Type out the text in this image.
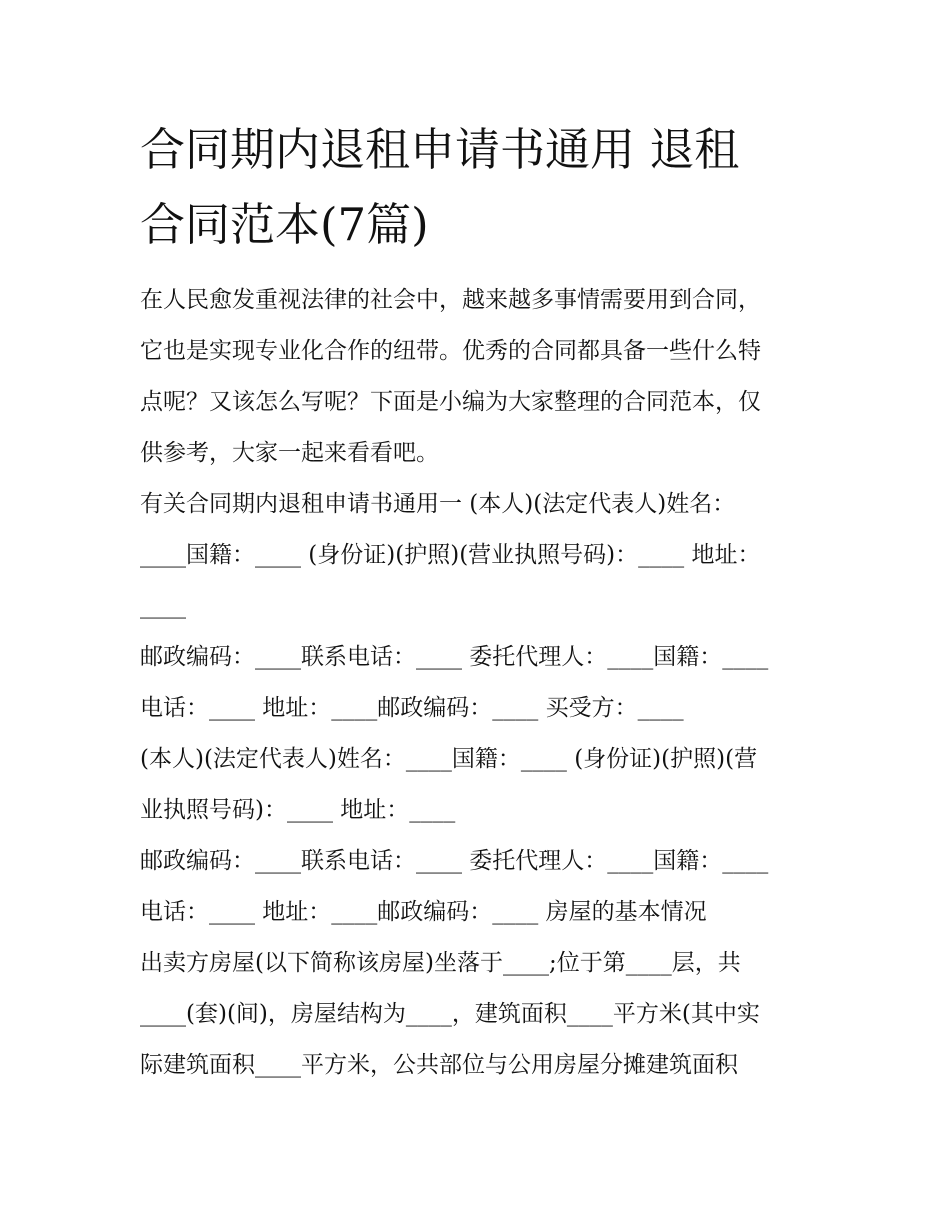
合同期内退租申请书通用 退租
合同范本(7篇)
在人民愈发重视法律的社会中，越来越多事情需要用到合同，
它也是实现专业化合作的纽带。优秀的合同都具备一些什么特
点呢？又该怎么写呢？下面是小编为大家整理的合同范本，仅
供参考，大家一起来看看吧。
有关合同期内退租申请书通用一 (本人)(法定代表人)姓名：
____国籍：____ (身份证)(护照)(营业执照号码)：____ 地址：
____
邮政编码：____联系电话：____ 委托代理人：____国籍：____
电话：____ 地址：____邮政编码：____ 买受方：____
(本人)(法定代表人)姓名：____国籍：____ (身份证)(护照)(营
业执照号码)：____ 地址：____
邮政编码：____联系电话：____ 委托代理人：____国籍：____
电话：____ 地址：____邮政编码：____ 房屋的基本情况
出卖方房屋(以下简称该房屋)坐落于____;位于第____层，共
____(套)(间)，房屋结构为____，建筑面积____平方米(其中实
际建筑面积____平方米，公共部位与公用房屋分摊建筑面积
